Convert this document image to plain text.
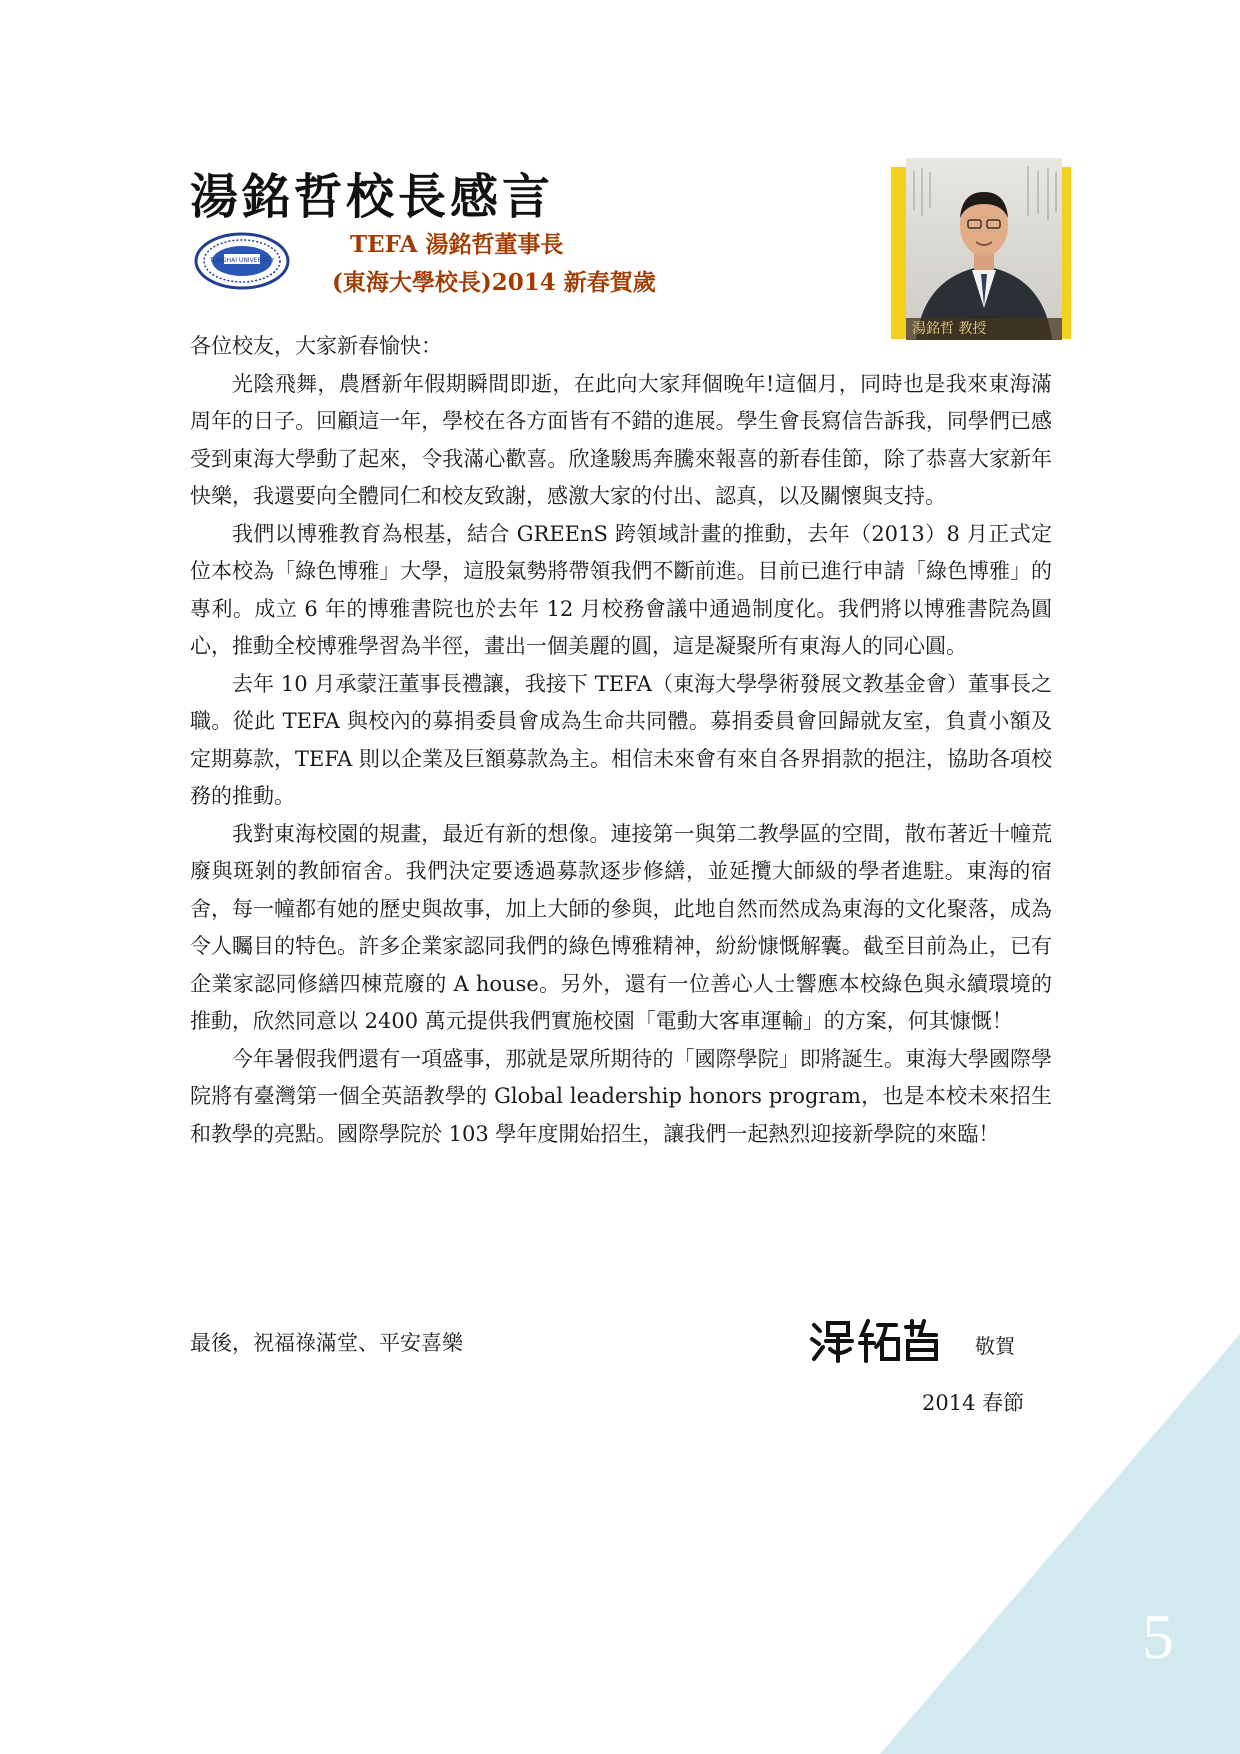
5
湯銘哲校長感言
TUNGHAI UNIVERSITY
TEFA 湯銘哲董事長
(東海大學校長)2014 新春賀歲
湯銘哲 教授

各位校友，大家新春愉快：

光陰飛舞，農曆新年假期瞬間即逝，在此向大家拜個晚年!這個月，同時也是我來東海滿周年的日子。回顧這一年，學校在各方面皆有不錯的進展。學生會長寫信告訴我，同學們已感受到東海大學動了起來，令我滿心歡喜。欣逢駿馬奔騰來報喜的新春佳節，除了恭喜大家新年快樂，我還要向全體同仁和校友致謝，感激大家的付出、認真，以及關懷與支持。

我們以博雅教育為根基，結合 GREEnS 跨領域計畫的推動，去年（2013）8 月正式定位本校為「綠色博雅」大學，這股氣勢將帶領我們不斷前進。目前已進行申請「綠色博雅」的專利。成立 6 年的博雅書院也於去年 12 月校務會議中通過制度化。我們將以博雅書院為圓心，推動全校博雅學習為半徑，畫出一個美麗的圓，這是凝聚所有東海人的同心圓。

去年 10 月承蒙汪董事長禮讓，我接下 TEFA（東海大學學術發展文教基金會）董事長之職。從此 TEFA 與校內的募捐委員會成為生命共同體。募捐委員會回歸就友室，負責小額及定期募款，TEFA 則以企業及巨額募款為主。相信未來會有來自各界捐款的挹注，協助各項校務的推動。

我對東海校園的規畫，最近有新的想像。連接第一與第二教學區的空間，散布著近十幢荒廢與斑剝的教師宿舍。我們決定要透過募款逐步修繕，並延攬大師級的學者進駐。東海的宿舍，每一幢都有她的歷史與故事，加上大師的參與，此地自然而然成為東海的文化聚落，成為令人矚目的特色。許多企業家認同我們的綠色博雅精神，紛紛慷慨解囊。截至目前為止，已有企業家認同修繕四棟荒廢的 A house。另外，還有一位善心人士響應本校綠色與永續環境的推動，欣然同意以 2400 萬元提供我們實施校園「電動大客車運輸」的方案，何其慷慨！

今年暑假我們還有一項盛事，那就是眾所期待的「國際學院」即將誕生。東海大學國際學院將有臺灣第一個全英語教學的 Global leadership honors program，也是本校未來招生和教學的亮點。國際學院於 103 學年度開始招生，讓我們一起熱烈迎接新學院的來臨！

最後，祝福祿滿堂、平安喜樂	敬賀
2014 春節
